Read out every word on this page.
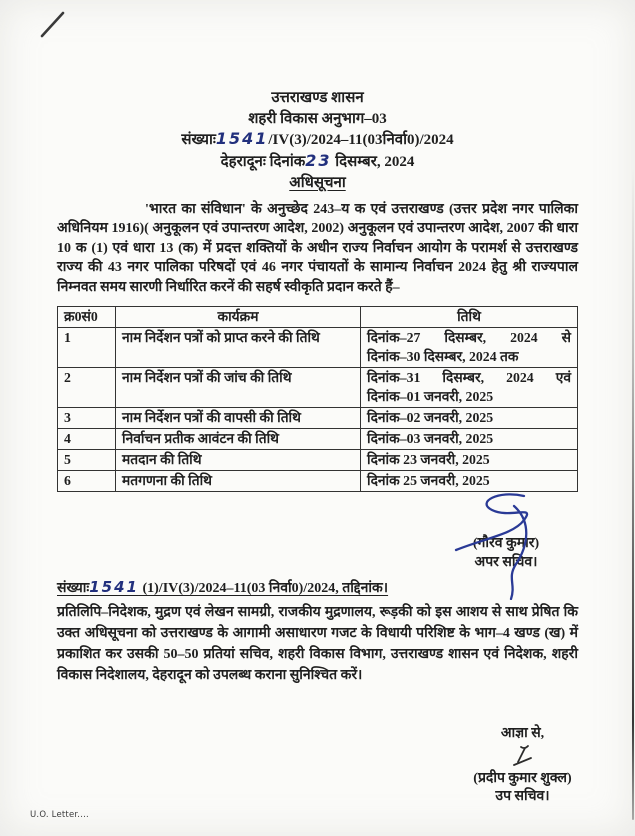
उत्तराखण्ड शासन
शहरी विकास अनुभाग–03
संख्याः1541/IV(3)/2024–11(03निर्वा0)/2024
देहरादूनः दिनांक23 दिसम्बर, 2024
अधिसूचना
'भारत का संविधान' के अनुच्छेद 243–य क एवं उत्तराखण्ड (उत्तर प्रदेश नगर पालिका अधिनियम 1916)( अनुकूलन एवं उपान्तरण आदेश, 2002) अनुकूलन एवं उपान्तरण आदेश, 2007 की धारा 10 क (1) एवं धारा 13 (क) में प्रदत्त शक्तियों के अधीन राज्य निर्वाचन आयोग के परामर्श से उत्तराखण्ड राज्य की 43 नगर पालिका परिषदों एवं 46 नगर पंचायतों के सामान्य निर्वाचन 2024 हेतु श्री राज्यपाल निम्नवत समय सारणी निर्धारित करनें की सहर्ष स्वीकृति प्रदान करते हैं–
क्र0सं0	कार्यक्रम	तिथि
1	नाम निर्देशन पत्रों को प्राप्त करने की तिथि	दिनांक–27 दिसम्बर, 2024 से
दिनांक–30 दिसम्बर, 2024 तक

2	नाम निर्देशन पत्रों की जांच की तिथि	दिनांक–31 दिसम्बर, 2024 एवं
दिनांक–01 जनवरी, 2025

3	नाम निर्देशन पत्रों की वापसी की तिथि	दिनांक–02 जनवरी, 2025

4	निर्वाचन प्रतीक आवंटन की तिथि	दिनांक–03 जनवरी, 2025

5	मतदान की तिथि	दिनांक 23 जनवरी, 2025

6	मतगणना की तिथि	दिनांक 25 जनवरी, 2025
(गौरव कुमार)
अपर सचिव।
संख्याः1541 (1)/IV(3)/2024–11(03 निर्वा0)/2024, तद्दिनांक।
प्रतिलिपि–निदेशक, मुद्रण एवं लेखन सामग्री, राजकीय मुद्रणालय, रूड़की को इस आशय से साथ प्रेषित कि उक्त अधिसूचना को उत्तराखण्ड के आगामी असाधारण गजट के विधायी परिशिष्ट के भाग–4 खण्ड (ख) में प्रकाशित कर उसकी 50–50 प्रतियां सचिव, शहरी विकास विभाग, उत्तराखण्ड शासन एवं निदेशक, शहरी विकास निदेशालय, देहरादून को उपलब्ध कराना सुनिश्चित करें।
आज्ञा से,
(प्रदीप कुमार शुक्ल)
उप सचिव।
U.O. Letter....
